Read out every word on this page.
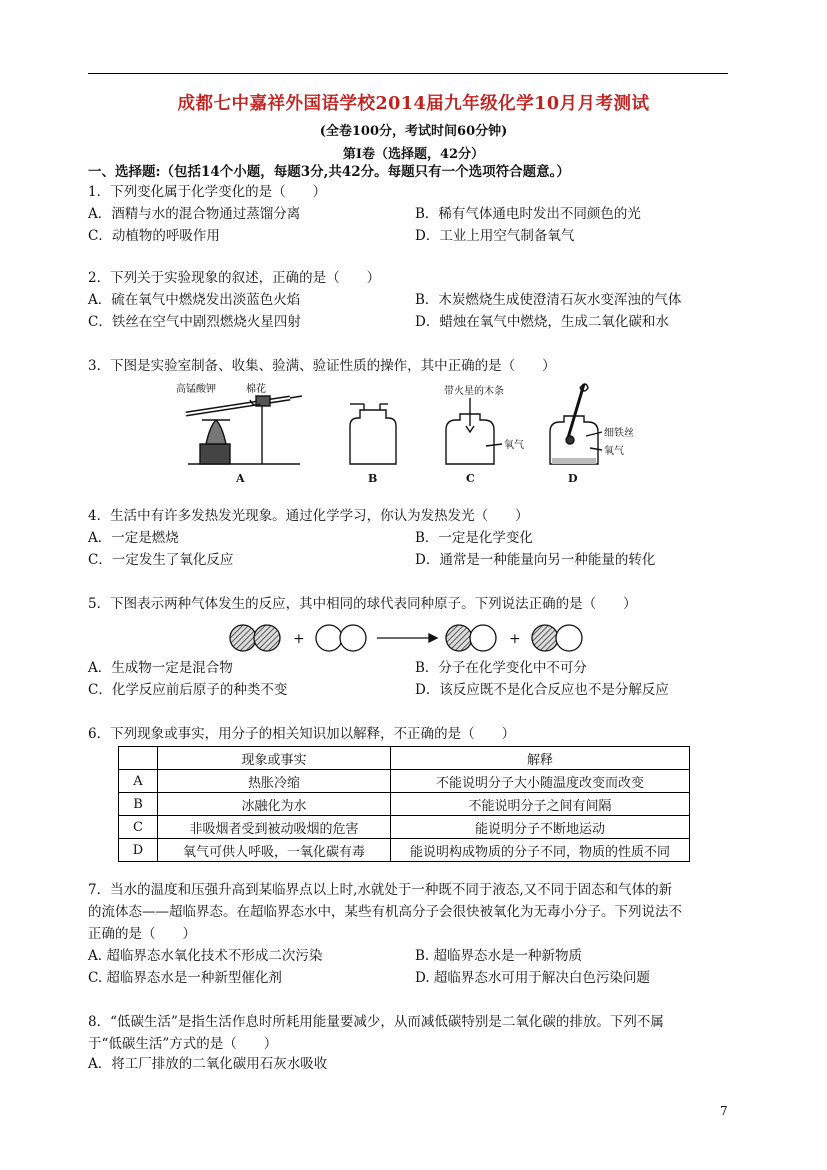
成都七中嘉祥外国语学校2014届九年级化学10月月考测试
(全卷100分，考试时间60分钟)
第Ⅰ卷（选择题，42分）
一、选择题:（包括14个小题，每题3分,共42分。每题只有一个选项符合题意。）
1．下列变化属于化学变化的是（　　）
A．酒精与水的混合物通过蒸馏分离	B．稀有气体通电时发出不同颜色的光
C．动植物的呼吸作用	D．工业上用空气制备氧气
2．下列关于实验现象的叙述，正确的是（　　）
A．硫在氧气中燃烧发出淡蓝色火焰	B．木炭燃烧生成使澄清石灰水变浑浊的气体
C．铁丝在空气中剧烈燃烧火星四射	D．蜡烛在氧气中燃烧，生成二氧化碳和水
3．下图是实验室制备、收集、验满、验证性质的操作，其中正确的是（　　）
高锰酸钾	棉花
A	B
带火星的木条
氧气
C
细铁丝
氧气
D
4．生活中有许多发热发光现象。通过化学学习，你认为发热发光（　　）
A．一定是燃烧	B．一定是化学变化
C．一定发生了氧化反应	D．通常是一种能量向另一种能量的转化
5．下图表示两种气体发生的反应，其中相同的球代表同种原子。下列说法正确的是（　　）
+	+
A．生成物一定是混合物	B．分子在化学变化中不可分
C．化学反应前后原子的种类不变	D．该反应既不是化合反应也不是分解反应
6．下列现象或事实，用分子的相关知识加以解释，不正确的是（　　）
	现象或事实	解释
A	热胀冷缩	不能说明分子大小随温度改变而改变
B	冰融化为水	不能说明分子之间有间隔
C	非吸烟者受到被动吸烟的危害	能说明分子不断地运动
D	氧气可供人呼吸，一氧化碳有毒	能说明构成物质的分子不同，物质的性质不同
7．当水的温度和压强升高到某临界点以上时,水就处于一种既不同于液态,又不同于固态和气体的新
的流体态——超临界态。在超临界态水中，某些有机高分子会很快被氧化为无毒小分子。下列说法不
正确的是（　　）
A. 超临界态水氧化技术不形成二次污染	B. 超临界态水是一种新物质
C. 超临界态水是一种新型催化剂	D. 超临界态水可用于解决白色污染问题
8．“低碳生活”是指生活作息时所耗用能量要减少，从而减低碳特别是二氧化碳的排放。下列不属
于“低碳生活”方式的是（　　）
A．将工厂排放的二氧化碳用石灰水吸收
7
